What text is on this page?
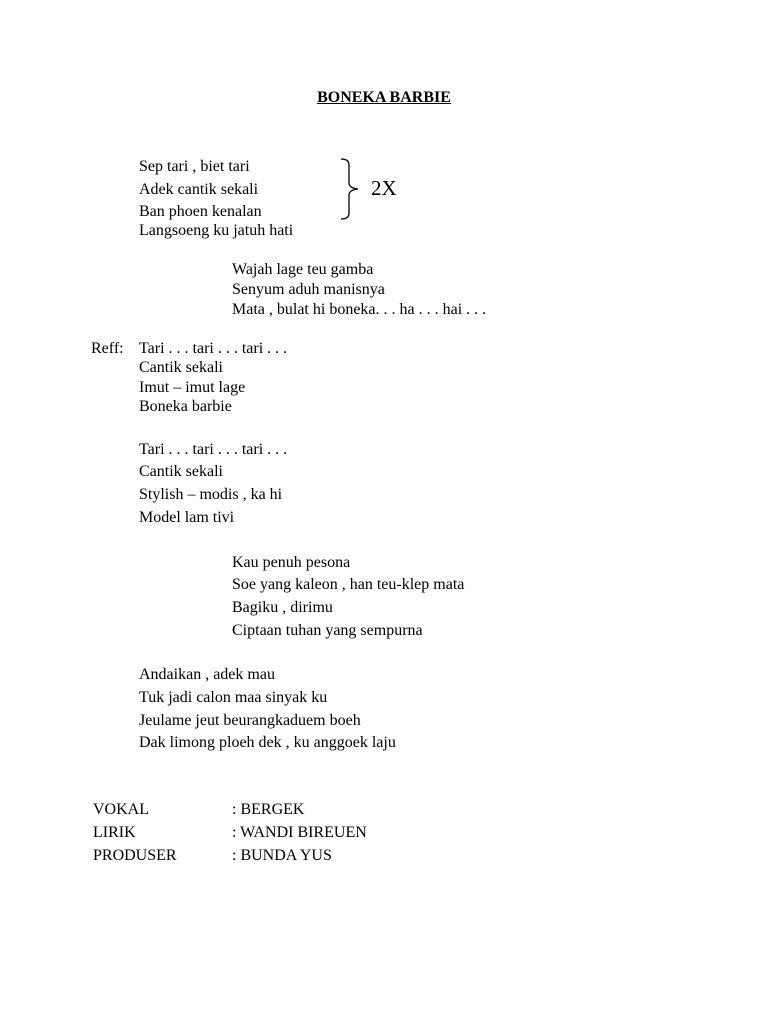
BONEKA BARBIE
Sep tari , biet tari
Adek cantik sekali
Ban phoen kenalan
Langsoeng ku jatuh hati
2X
Wajah lage teu gamba
Senyum aduh manisnya
Mata , bulat hi boneka. . . ha . . . hai . . .
Reff: Tari . . . tari . . . tari . . .
Cantik sekali
Imut – imut lage
Boneka barbie
Tari . . . tari . . . tari . . .
Cantik sekali
Stylish – modis , ka hi
Model lam tivi
Kau penuh pesona
Soe yang kaleon , han teu-klep mata
Bagiku , dirimu
Ciptaan tuhan yang sempurna
Andaikan , adek mau
Tuk jadi calon maa sinyak ku
Jeulame jeut beurangkaduem boeh
Dak limong ploeh dek , ku anggoek laju
VOKAL	: BERGEK
LIRIK	: WANDI BIREUEN
PRODUSER	: BUNDA YUS
